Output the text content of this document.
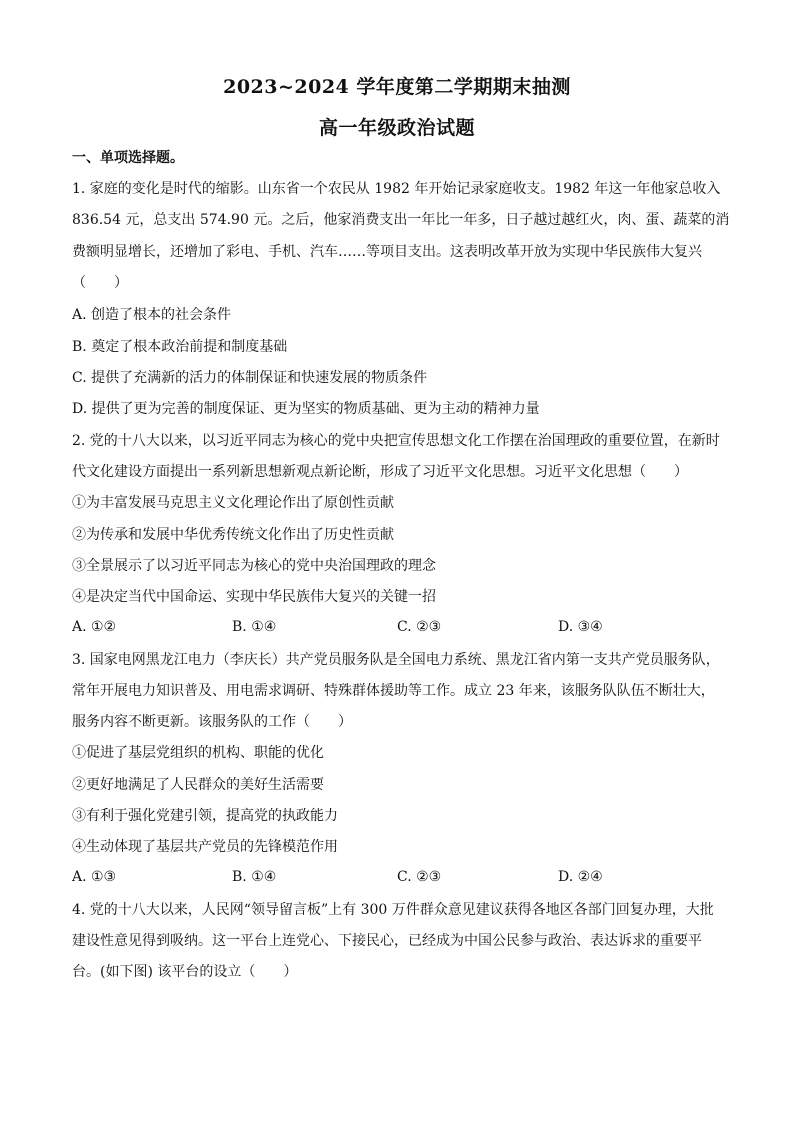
2023~2024 学年度第二学期期末抽测
高一年级政治试题
一、单项选择题。
1. 家庭的变化是时代的缩影。山东省一个农民从 1982 年开始记录家庭收支。1982 年这一年他家总收入
836.54 元，总支出 574.90 元。之后，他家消费支出一年比一年多，日子越过越红火，肉、蛋、蔬菜的消
费额明显增长，还增加了彩电、手机、汽车……等项目支出。这表明改革开放为实现中华民族伟大复兴
（　　）
A. 创造了根本的社会条件
B. 奠定了根本政治前提和制度基础
C. 提供了充满新的活力的体制保证和快速发展的物质条件
D. 提供了更为完善的制度保证、更为坚实的物质基础、更为主动的精神力量
2. 党的十八大以来，以习近平同志为核心的党中央把宣传思想文化工作摆在治国理政的重要位置，在新时
代文化建设方面提出一系列新思想新观点新论断，形成了习近平文化思想。习近平文化思想（　　）
①为丰富发展马克思主义文化理论作出了原创性贡献
②为传承和发展中华优秀传统文化作出了历史性贡献
③全景展示了以习近平同志为核心的党中央治国理政的理念
④是决定当代中国命运、实现中华民族伟大复兴的关键一招
A. ①②	B. ①④	C. ②③	D. ③④
3. 国家电网黑龙江电力（李庆长）共产党员服务队是全国电力系统、黑龙江省内第一支共产党员服务队，
常年开展电力知识普及、用电需求调研、特殊群体援助等工作。成立 23 年来，该服务队队伍不断壮大，
服务内容不断更新。该服务队的工作（　　）
①促进了基层党组织的机构、职能的优化
②更好地满足了人民群众的美好生活需要
③有利于强化党建引领，提高党的执政能力
④生动体现了基层共产党员的先锋模范作用
A. ①③	B. ①④	C. ②③	D. ②④
4. 党的十八大以来，人民网“领导留言板”上有 300 万件群众意见建议获得各地区各部门回复办理，大批
建设性意见得到吸纳。这一平台上连党心、下接民心，已经成为中国公民参与政治、表达诉求的重要平
台。(如下图) 该平台的设立（　　）
